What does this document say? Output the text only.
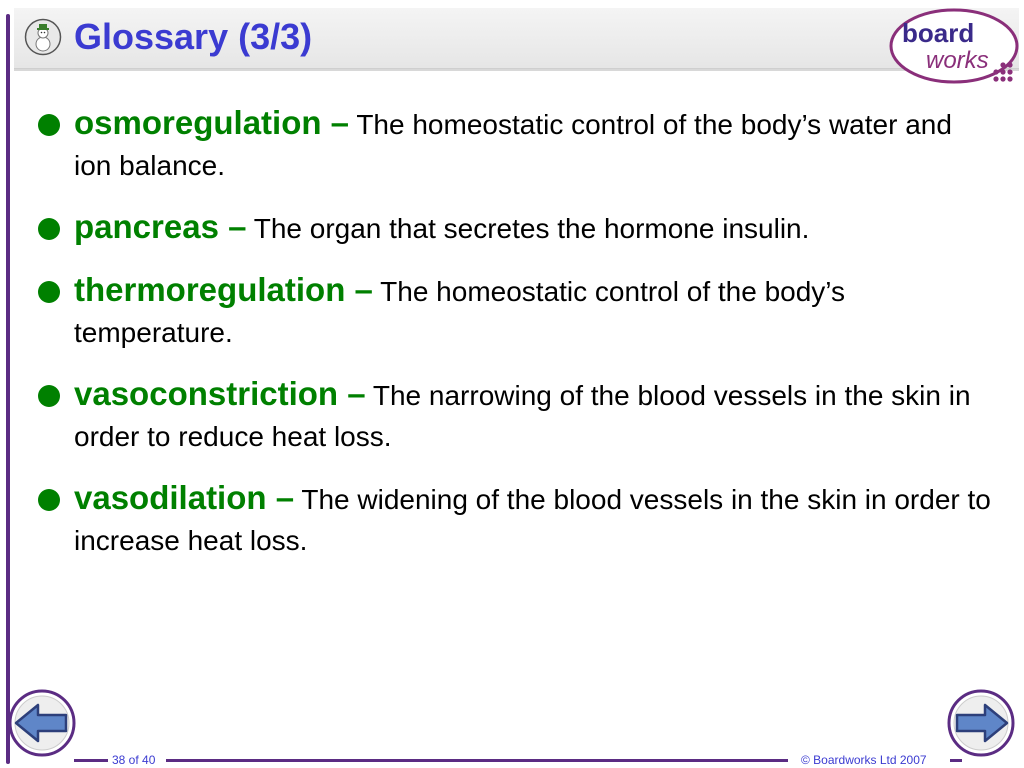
Glossary (3/3)	board
works
osmoregulation – The homeostatic control of the body’s water and ion balance.
pancreas – The organ that secretes the hormone insulin.
thermoregulation – The homeostatic control of the body’s temperature.
vasoconstriction – The narrowing of the blood vessels in the skin in order to reduce heat loss.
vasodilation – The widening of the blood vessels in the skin in order to increase heat loss.
38 of 40	© Boardworks Ltd 2007
